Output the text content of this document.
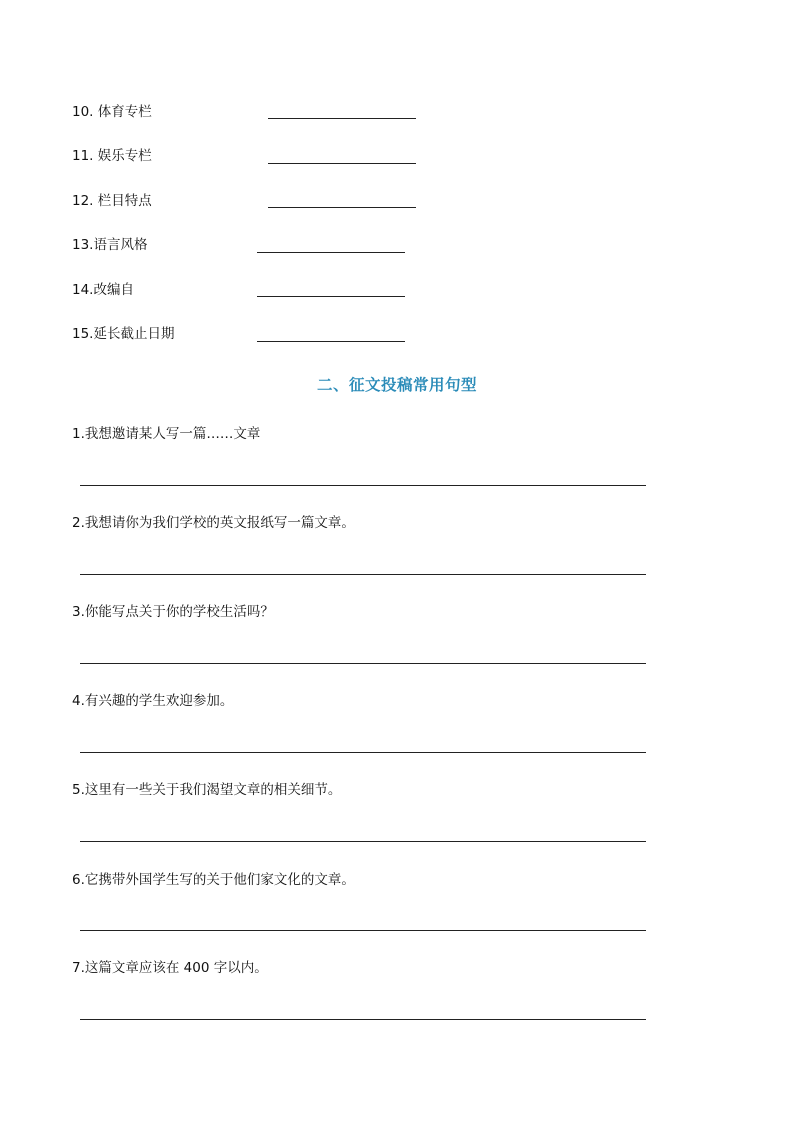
10. 体育专栏
11. 娱乐专栏
12. 栏目特点
13.语言风格
14.改编自
15.延长截止日期
二、征文投稿常用句型
1.我想邀请某人写一篇……文章
2.我想请你为我们学校的英文报纸写一篇文章。
3.你能写点关于你的学校生活吗？
4.有兴趣的学生欢迎参加。
5.这里有一些关于我们渴望文章的相关细节。
6.它携带外国学生写的关于他们家文化的文章。
7.这篇文章应该在 400 字以内。
